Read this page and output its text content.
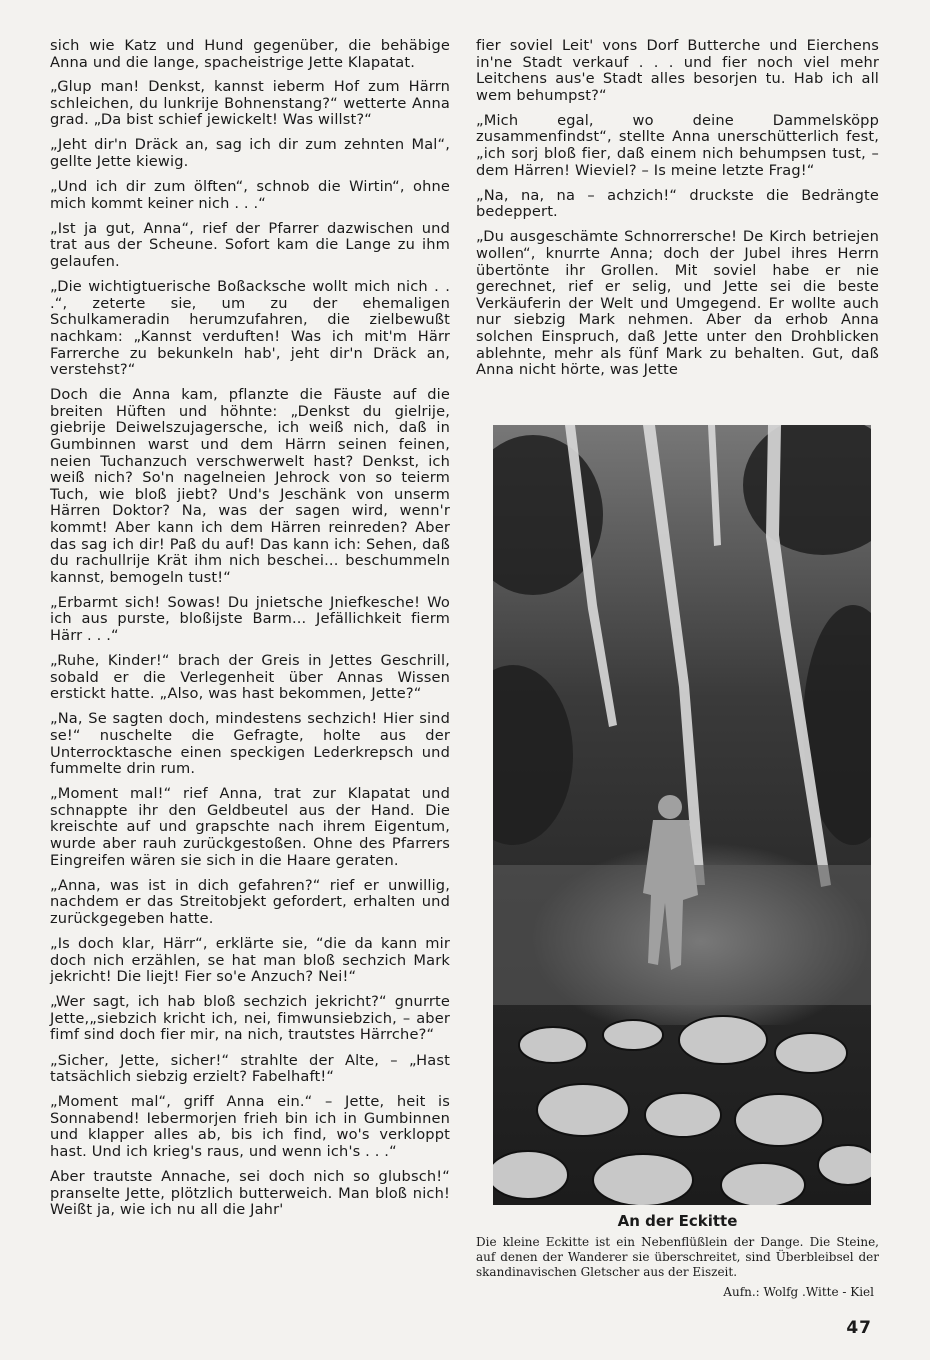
sich wie Katz und Hund gegenüber, die behäbige Anna und die lange, spacheistrige Jette Klapatat.

„Glup man! Denkst, kannst ieberm Hof zum Härrn schleichen, du lunkrije Bohnenstang?“ wetterte Anna grad. „Da bist schief jewickelt! Was willst?“

„Jeht dir'n Dräck an, sag ich dir zum zehnten Mal“, gellte Jette kiewig.

„Und ich dir zum ölften“, schnob die Wirtin“, ohne mich kommt keiner nich . . .“

„Ist ja gut, Anna“, rief der Pfarrer dazwischen und trat aus der Scheune. Sofort kam die Lange zu ihm gelaufen.

„Die wichtigtuerische Boßacksche wollt mich nich . . .“, zeterte sie, um zu der ehemaligen Schulkameradin herumzufahren, die zielbewußt nachkam: „Kannst verduften! Was ich mit'm Härr Farrerche zu bekunkeln hab', jeht dir'n Dräck an, verstehst?“

Doch die Anna kam, pflanzte die Fäuste auf die breiten Hüften und höhnte: „Denkst du gielrije, giebrije Deiwelszujagersche, ich weiß nich, daß in Gumbinnen warst und dem Härrn seinen feinen, neien Tuchanzuch verschwerwelt hast? Denkst, ich weiß nich? So'n nagelneien Jehrock von so teierm Tuch, wie bloß jiebt? Und's Jeschänk von unserm Härren Doktor? Na, was der sagen wird, wenn'r kommt! Aber kann ich dem Härren reinreden? Aber das sag ich dir! Paß du auf! Das kann ich: Sehen, daß du rachullrije Krät ihm nich beschei... beschummeln kannst, bemogeln tust!“

„Erbarmt sich! Sowas! Du jnietsche Jniefkesche! Wo ich aus purste, bloßijste Barm... Jefällichkeit fierm Härr . . .“

„Ruhe, Kinder!“ brach der Greis in Jettes Geschrill, sobald er die Verlegenheit über Annas Wissen erstickt hatte. „Also, was hast bekommen, Jette?“

„Na, Se sagten doch, mindestens sechzich! Hier sind se!“ nuschelte die Gefragte, holte aus der Unterrocktasche einen speckigen Lederkrepsch und fummelte drin rum.

„Moment mal!“ rief Anna, trat zur Klapatat und schnappte ihr den Geldbeutel aus der Hand. Die kreischte auf und grapschte nach ihrem Eigentum, wurde aber rauh zurückgestoßen. Ohne des Pfarrers Eingreifen wären sie sich in die Haare geraten.

„Anna, was ist in dich gefahren?“ rief er unwillig, nachdem er das Streitobjekt gefordert, erhalten und zurückgegeben hatte.

„Is doch klar, Härr“, erklärte sie, “die da kann mir doch nich erzählen, se hat man bloß sechzich Mark jekricht! Die liejt! Fier so'e Anzuch? Nei!“

„Wer sagt, ich hab bloß sechzich jekricht?“ gnurrte Jette,„siebzich kricht ich, nei, fimwunsiebzich, – aber fimf sind doch fier mir, na nich, trautstes Härrche?“

„Sicher, Jette, sicher!“ strahlte der Alte, – „Hast tatsächlich siebzig erzielt? Fabelhaft!“

„Moment mal“, griff Anna ein.“ – Jette, heit is Sonnabend! Iebermorjen frieh bin ich in Gumbinnen und klapper alles ab, bis ich find, wo's verkloppt hast. Und ich krieg's raus, und wenn ich's . . .“

Aber trautste Annache, sei doch nich so glubsch!“ pranselte Jette, plötzlich butterweich. Man bloß nich! Weißt ja, wie ich nu all die Jahr'

fier soviel Leit' vons Dorf Butterche und Eierchens in'ne Stadt verkauf . . . und fier noch viel mehr Leitchens aus'e Stadt alles besorjen tu. Hab ich all wem behumpst?“

„Mich egal, wo deine Dammelsköpp zusammenfindst“, stellte Anna unerschütterlich fest, „ich sorj bloß fier, daß einem nich behumpsen tust, – dem Härren! Wieviel? – Is meine letzte Frag!“

„Na, na, na – achzich!“ druckste die Bedrängte bedeppert.

„Du ausgeschämte Schnorrersche! De Kirch betriejen wollen“, knurrte Anna; doch der Jubel ihres Herrn übertönte ihr Grollen. Mit soviel habe er nie gerechnet, rief er selig, und Jette sei die beste Verkäuferin der Welt und Umgegend. Er wollte auch nur siebzig Mark nehmen. Aber da erhob Anna solchen Einspruch, daß Jette unter den Drohblicken ablehnte, mehr als fünf Mark zu behalten. Gut, daß Anna nicht hörte, was Jette

An der Eckitte
Die kleine Eckitte ist ein Nebenflüßlein der Dange. Die Steine, auf denen der Wanderer sie überschreitet, sind Überbleibsel der skandinavischen Gletscher aus der Eiszeit.
Aufn.: Wolfg .Witte - Kiel
47
